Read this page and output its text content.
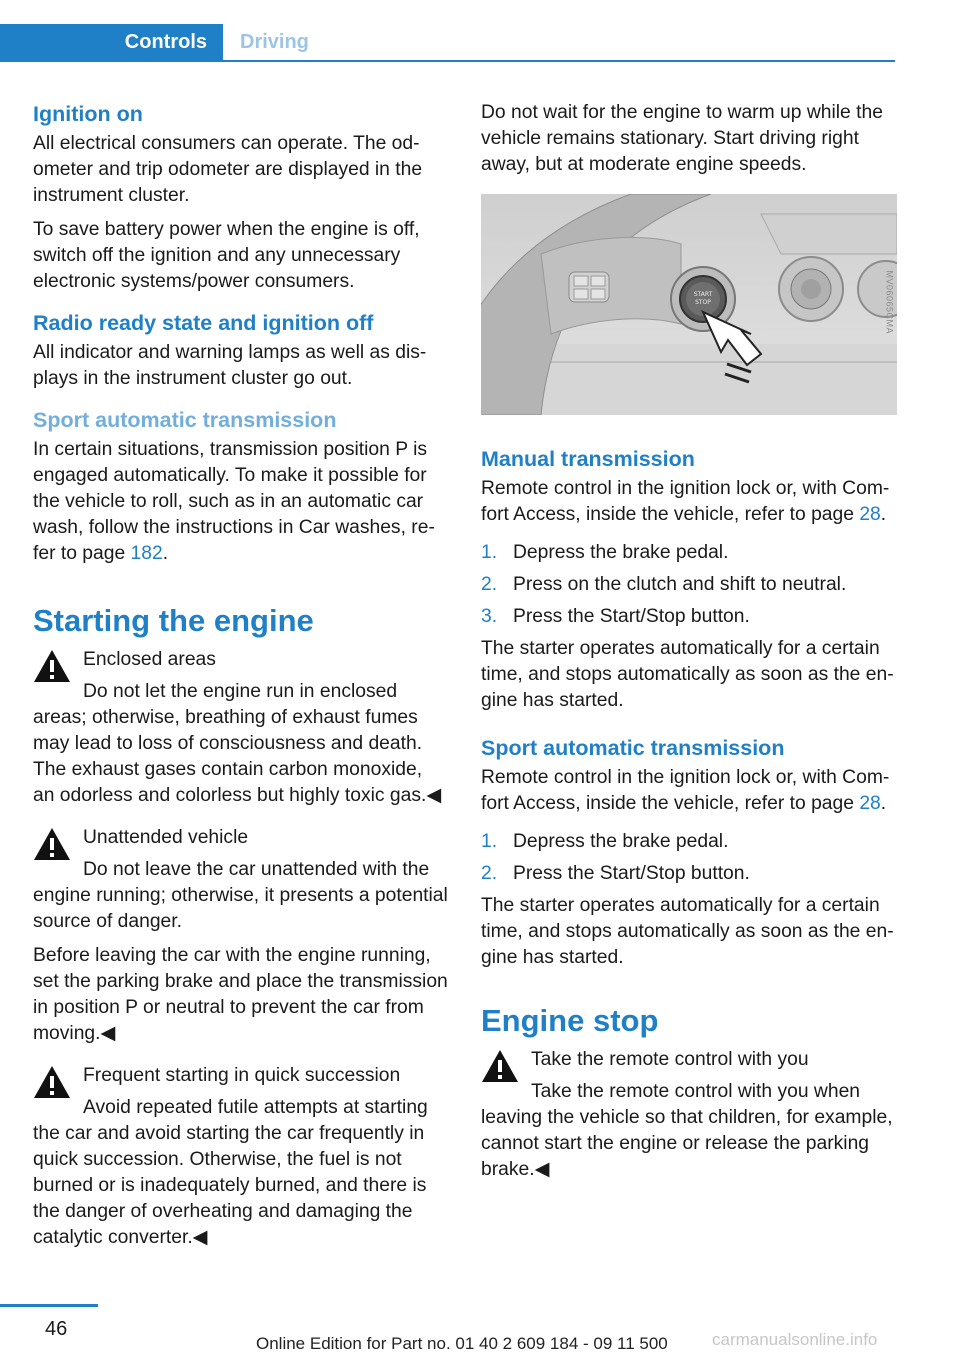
Controls	Driving
Ignition on

All electrical consumers can operate. The odometer and trip odometer are displayed in the instrument cluster.

To save battery power when the engine is off, switch off the ignition and any unnecessary electronic systems/power consumers.

Radio ready state and ignition off

All indicator and warning lamps as well as displays in the instrument cluster go out.

Sport automatic transmission

In certain situations, transmission position P is engaged automatically. To make it possible for the vehicle to roll, such as in an automatic car wash, follow the instructions in Car washes, refer to page 182.

Starting the engine
Enclosed areas
Do not let the engine run in enclosed areas; otherwise, breathing of exhaust fumes may lead to loss of consciousness and death. The exhaust gases contain carbon monoxide, an odorless and colorless but highly toxic gas.◀
Unattended vehicle
Do not leave the car unattended with the engine running; otherwise, it presents a potential source of danger.

Before leaving the car with the engine running, set the parking brake and place the transmission in position P or neutral to prevent the car from moving.◀

Frequent starting in quick succession
Avoid repeated futile attempts at starting the car and avoid starting the car frequently in quick succession. Otherwise, the fuel is not burned or is inadequately burned, and there is the danger of overheating and damaging the catalytic converter.◀

Do not wait for the engine to warm up while the vehicle remains stationary. Start driving right away, but at moderate engine speeds.

START
STOP	MV06065CMA
Manual transmission

Remote control in the ignition lock or, with Comfort Access, inside the vehicle, refer to page 28.

1. Depress the brake pedal.
2. Press on the clutch and shift to neutral.
3. Press the Start/Stop button.

The starter operates automatically for a certain time, and stops automatically as soon as the engine has started.

Sport automatic transmission

Remote control in the ignition lock or, with Comfort Access, inside the vehicle, refer to page 28.

1. Depress the brake pedal.
2. Press the Start/Stop button.

The starter operates automatically for a certain time, and stops automatically as soon as the engine has started.

Engine stop
Take the remote control with you
Take the remote control with you when leaving the vehicle so that children, for example, cannot start the engine or release the parking brake.◀
46
Online Edition for Part no. 01 40 2 609 184 - 09 11 500	carmanualsonline.info
